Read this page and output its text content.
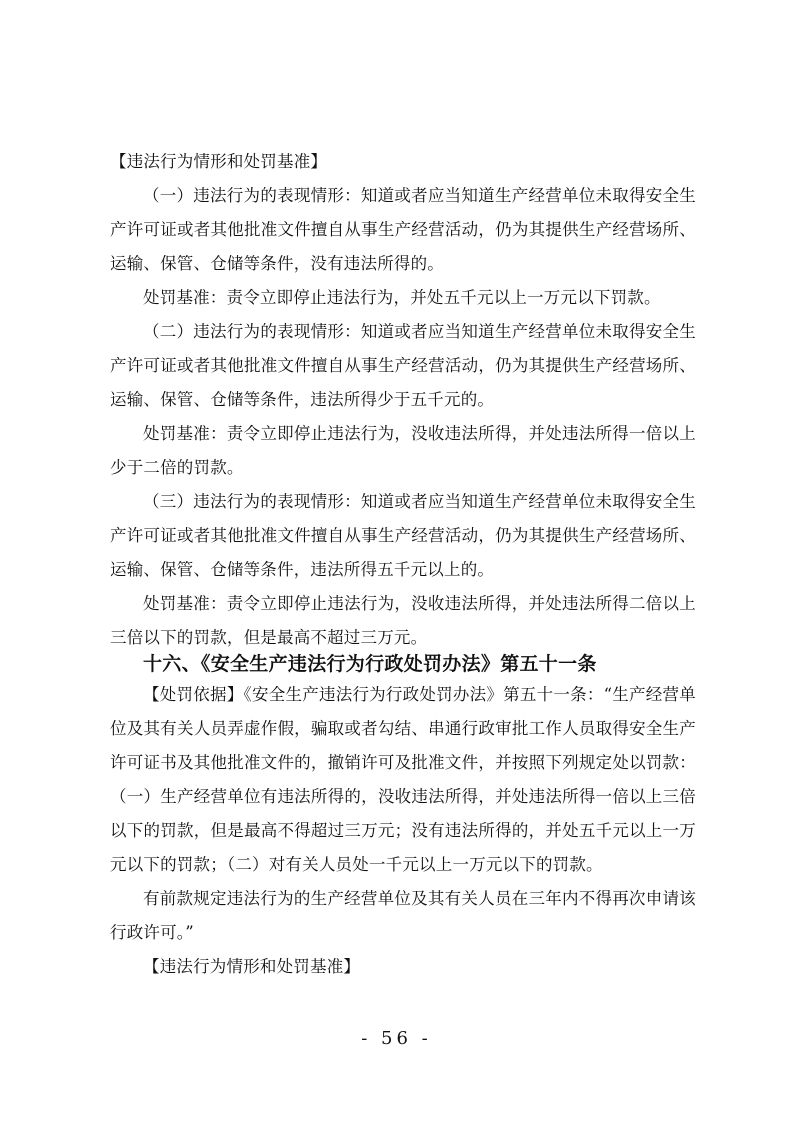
【违法行为情形和处罚基准】
（一）违法行为的表现情形：知道或者应当知道生产经营单位未取得安全生产许可证或者其他批准文件擅自从事生产经营活动，仍为其提供生产经营场所、运输、保管、仓储等条件，没有违法所得的。
处罚基准：责令立即停止违法行为，并处五千元以上一万元以下罚款。
（二）违法行为的表现情形：知道或者应当知道生产经营单位未取得安全生产许可证或者其他批准文件擅自从事生产经营活动，仍为其提供生产经营场所、运输、保管、仓储等条件，违法所得少于五千元的。
处罚基准：责令立即停止违法行为，没收违法所得，并处违法所得一倍以上少于二倍的罚款。
（三）违法行为的表现情形：知道或者应当知道生产经营单位未取得安全生产许可证或者其他批准文件擅自从事生产经营活动，仍为其提供生产经营场所、运输、保管、仓储等条件，违法所得五千元以上的。
处罚基准：责令立即停止违法行为，没收违法所得，并处违法所得二倍以上三倍以下的罚款，但是最高不超过三万元。
十六、《安全生产违法行为行政处罚办法》第五十一条
【处罚依据】《安全生产违法行为行政处罚办法》第五十一条：“生产经营单位及其有关人员弄虚作假，骗取或者勾结、串通行政审批工作人员取得安全生产许可证书及其他批准文件的，撤销许可及批准文件，并按照下列规定处以罚款：（一）生产经营单位有违法所得的，没收违法所得，并处违法所得一倍以上三倍以下的罚款，但是最高不得超过三万元；没有违法所得的，并处五千元以上一万元以下的罚款；（二）对有关人员处一千元以上一万元以下的罚款。
有前款规定违法行为的生产经营单位及其有关人员在三年内不得再次申请该行政许可。”
【违法行为情形和处罚基准】
- 56 -
